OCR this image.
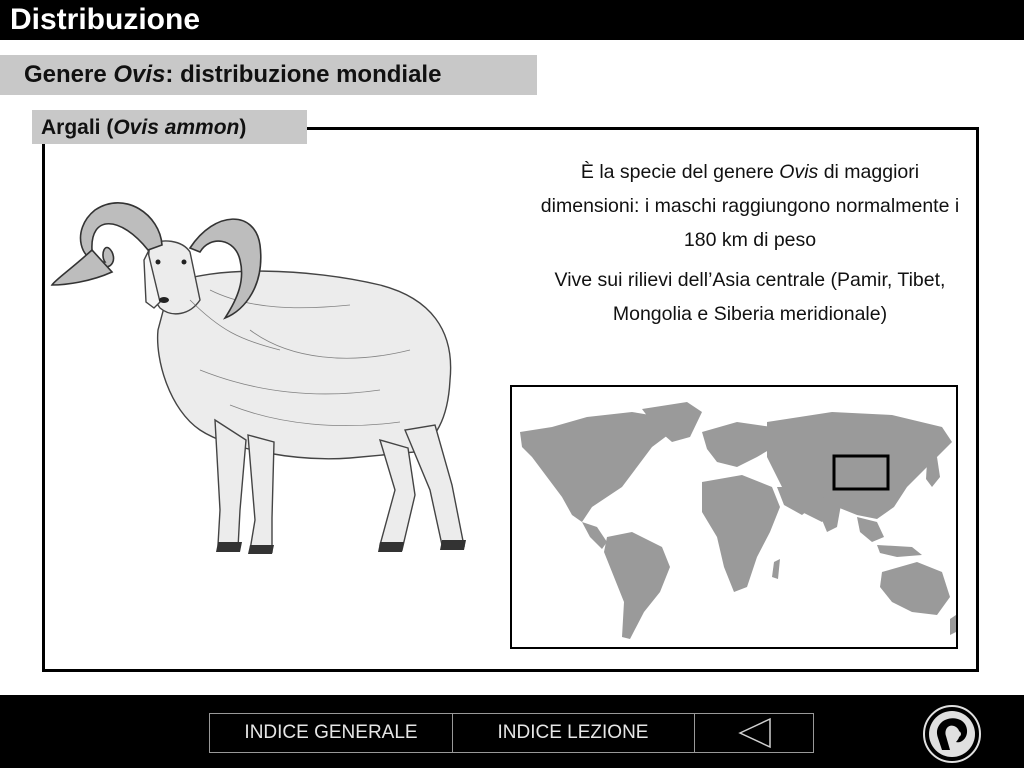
Distribuzione
Genere Ovis: distribuzione mondiale
Argali (Ovis ammon)

È la specie del genere Ovis di maggiori dimensioni: i maschi raggiungono normalmente i 180 km di peso

Vive sui rilievi dell’Asia centrale (Pamir, Tibet, Mongolia e Siberia meridionale)

INDICE GENERALE	INDICE LEZIONE
